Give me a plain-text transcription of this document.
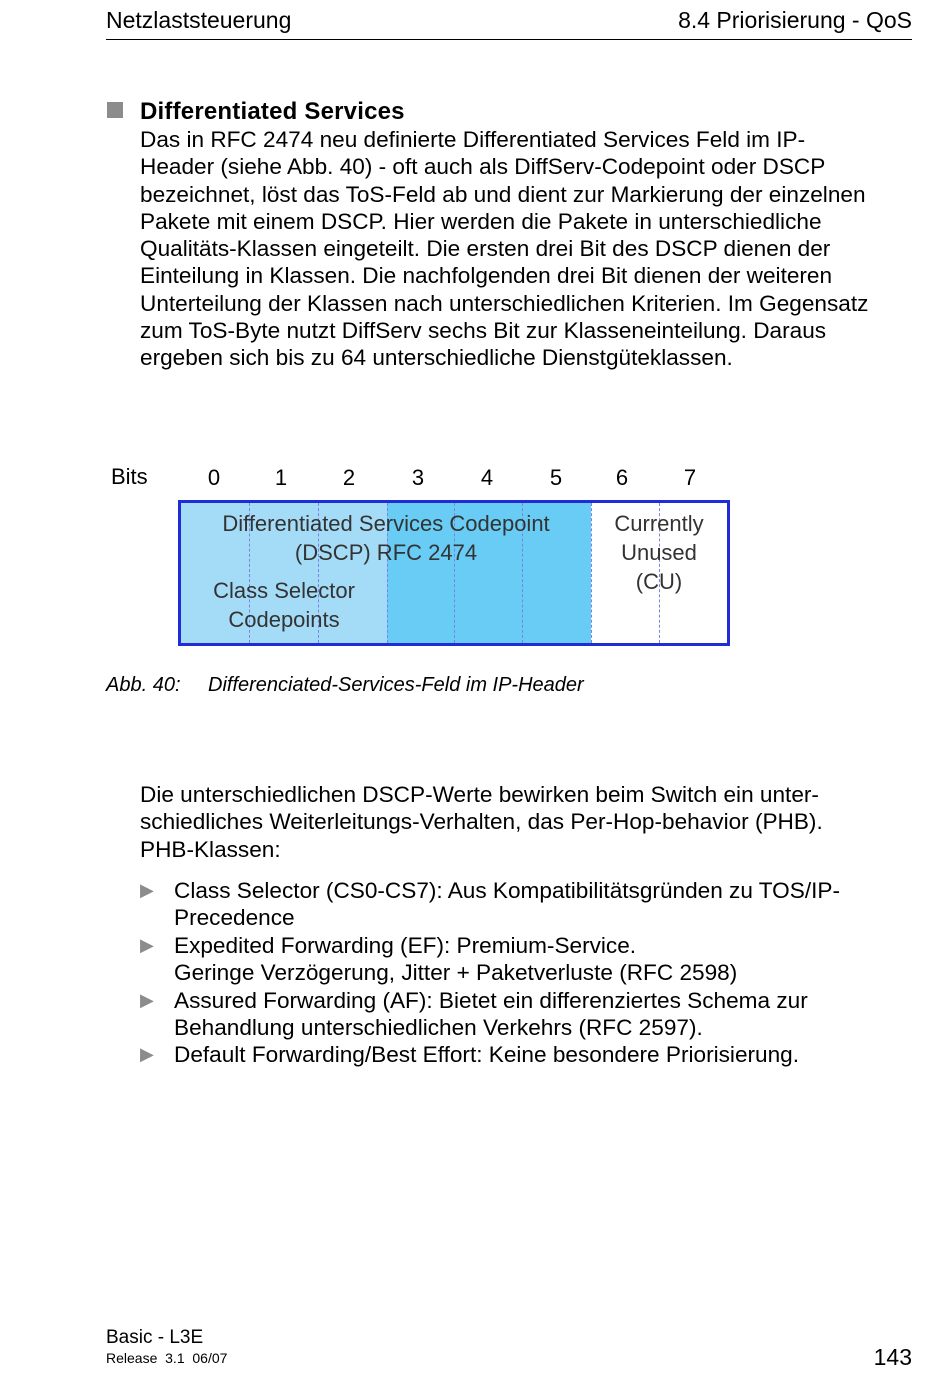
Netzlaststeuerung	8.4 Priorisierung - QoS
Differentiated Services
Das in RFC 2474 neu definierte Differentiated Services Feld im IP-
Header (siehe Abb. 40) - oft auch als DiffServ-Codepoint oder DSCP
bezeichnet, löst das ToS-Feld ab und dient zur Markierung der einzelnen
Pakete mit einem DSCP. Hier werden die Pakete in unterschiedliche
Qualitäts-Klassen eingeteilt. Die ersten drei Bit des DSCP dienen der
Einteilung in Klassen. Die nachfolgenden drei Bit dienen der weiteren
Unterteilung der Klassen nach unterschiedlichen Kriterien. Im Gegensatz
zum ToS-Byte nutzt DiffServ sechs Bit zur Klasseneinteilung. Daraus
ergeben sich bis zu 64 unterschiedliche Dienstgüteklassen.
Bits	0	1	2	3	4	5	6	7
Differentiated Services Codepoint
(DSCP) RFC 2474
Class Selector
Codepoints
Currently
Unused
(CU)
Abb. 40: Differenciated-Services-Feld im IP-Header
Die unterschiedlichen DSCP-Werte bewirken beim Switch ein unter-
schiedliches Weiterleitungs-Verhalten, das Per-Hop-behavior (PHB).
PHB-Klassen:
▶ Class Selector (CS0-CS7): Aus Kompatibilitätsgründen zu TOS/IP-
Precedence
▶ Expedited Forwarding (EF): Premium-Service.
Geringe Verzögerung, Jitter + Paketverluste (RFC 2598)
▶ Assured Forwarding (AF): Bietet ein differenziertes Schema zur
Behandlung unterschiedlichen Verkehrs (RFC 2597).
▶ Default Forwarding/Best Effort: Keine besondere Priorisierung.
Basic - L3E
Release  3.1  06/07	143
